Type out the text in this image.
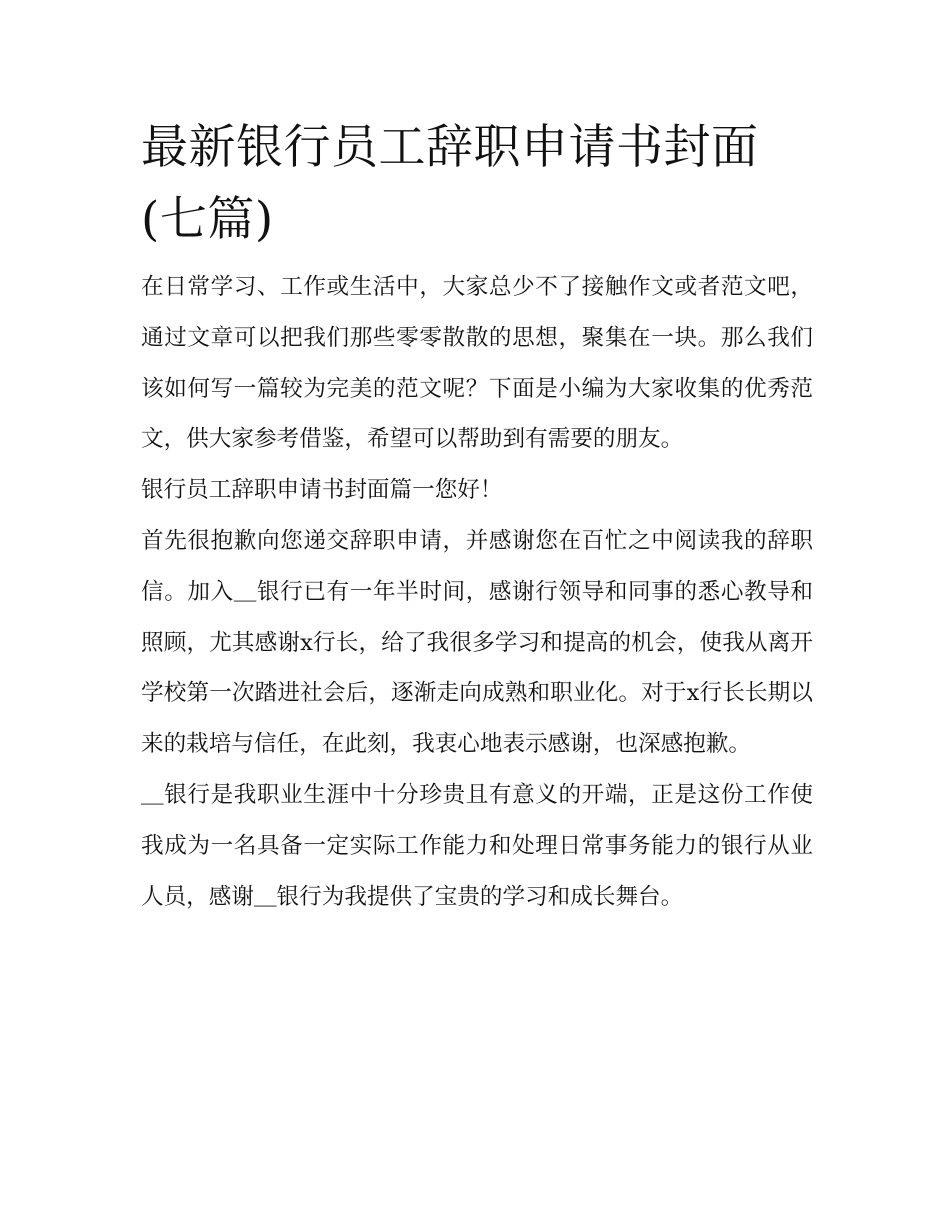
最新银行员工辞职申请书封面(七篇)

在日常学习、工作或生活中，大家总少不了接触作文或者范文吧，通过文章可以把我们那些零零散散的思想，聚集在一块。那么我们该如何写一篇较为完美的范文呢？下面是小编为大家收集的优秀范文，供大家参考借鉴，希望可以帮助到有需要的朋友。

银行员工辞职申请书封面篇一您好！

首先很抱歉向您递交辞职申请，并感谢您在百忙之中阅读我的辞职信。加入＿银行已有一年半时间，感谢行领导和同事的悉心教导和照顾，尤其感谢x行长，给了我很多学习和提高的机会，使我从离开学校第一次踏进社会后，逐渐走向成熟和职业化。对于x行长长期以来的栽培与信任，在此刻，我衷心地表示感谢，也深感抱歉。

＿银行是我职业生涯中十分珍贵且有意义的开端，正是这份工作使我成为一名具备一定实际工作能力和处理日常事务能力的银行从业人员，感谢＿银行为我提供了宝贵的学习和成长舞台。
